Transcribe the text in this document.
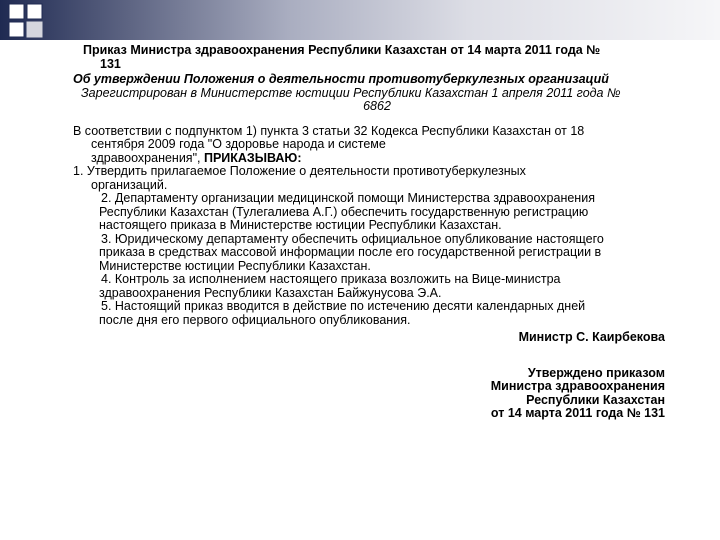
Приказ Министра здравоохранения Республики Казахстан от 14 марта 2011 года №
131
Об утверждении Положения о деятельности противотуберкулезных организаций
Зарегистрирован в Министерстве юстиции Республики Казахстан 1 апреля 2011 года №
6862
В соответствии с подпунктом 1) пункта 3 статьи 32 Кодекса Республики Казахстан от 18
сентября 2009 года "О здоровье народа и системе
здравоохранения", ПРИКАЗЫВАЮ:
1. Утвердить прилагаемое Положение о деятельности противотуберкулезных
организаций.
2. Департаменту организации медицинской помощи Министерства здравоохранения
Республики Казахстан (Тулегалиева А.Г.) обеспечить государственную регистрацию
настоящего приказа в Министерстве юстиции Республики Казахстан.
3. Юридическому департаменту обеспечить официальное опубликование настоящего
приказа в средствах массовой информации после его государственной регистрации в
Министерстве юстиции Республики Казахстан.
4. Контроль за исполнением настоящего приказа возложить на Вице-министра
здравоохранения Республики Казахстан Байжунусова Э.А.
5. Настоящий приказ вводится в действие по истечению десяти календарных дней
после дня его первого официального опубликования.
Министр С. Каирбекова
Утверждено приказом
Министра здравоохранения
Республики Казахстан
от 14 марта 2011 года № 131
